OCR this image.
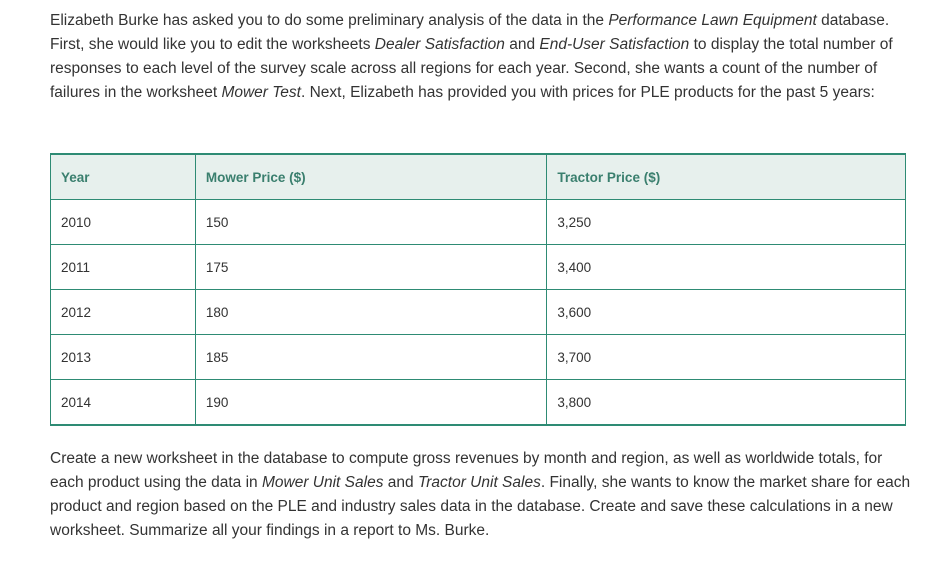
Elizabeth Burke has asked you to do some preliminary analysis of the data in the Performance Lawn Equipment database. First, she would like you to edit the worksheets Dealer Satisfaction and End-User Satisfaction to display the total number of responses to each level of the survey scale across all regions for each year. Second, she wants a count of the number of failures in the worksheet Mower Test. Next, Elizabeth has provided you with prices for PLE products for the past 5 years:

Year	Mower Price ($)	Tractor Price ($)
2010	150	3,250
2011	175	3,400
2012	180	3,600
2013	185	3,700
2014	190	3,800

Create a new worksheet in the database to compute gross revenues by month and region, as well as worldwide totals, for each product using the data in Mower Unit Sales and Tractor Unit Sales. Finally, she wants to know the market share for each product and region based on the PLE and industry sales data in the database. Create and save these calculations in a new worksheet. Summarize all your findings in a report to Ms. Burke.
